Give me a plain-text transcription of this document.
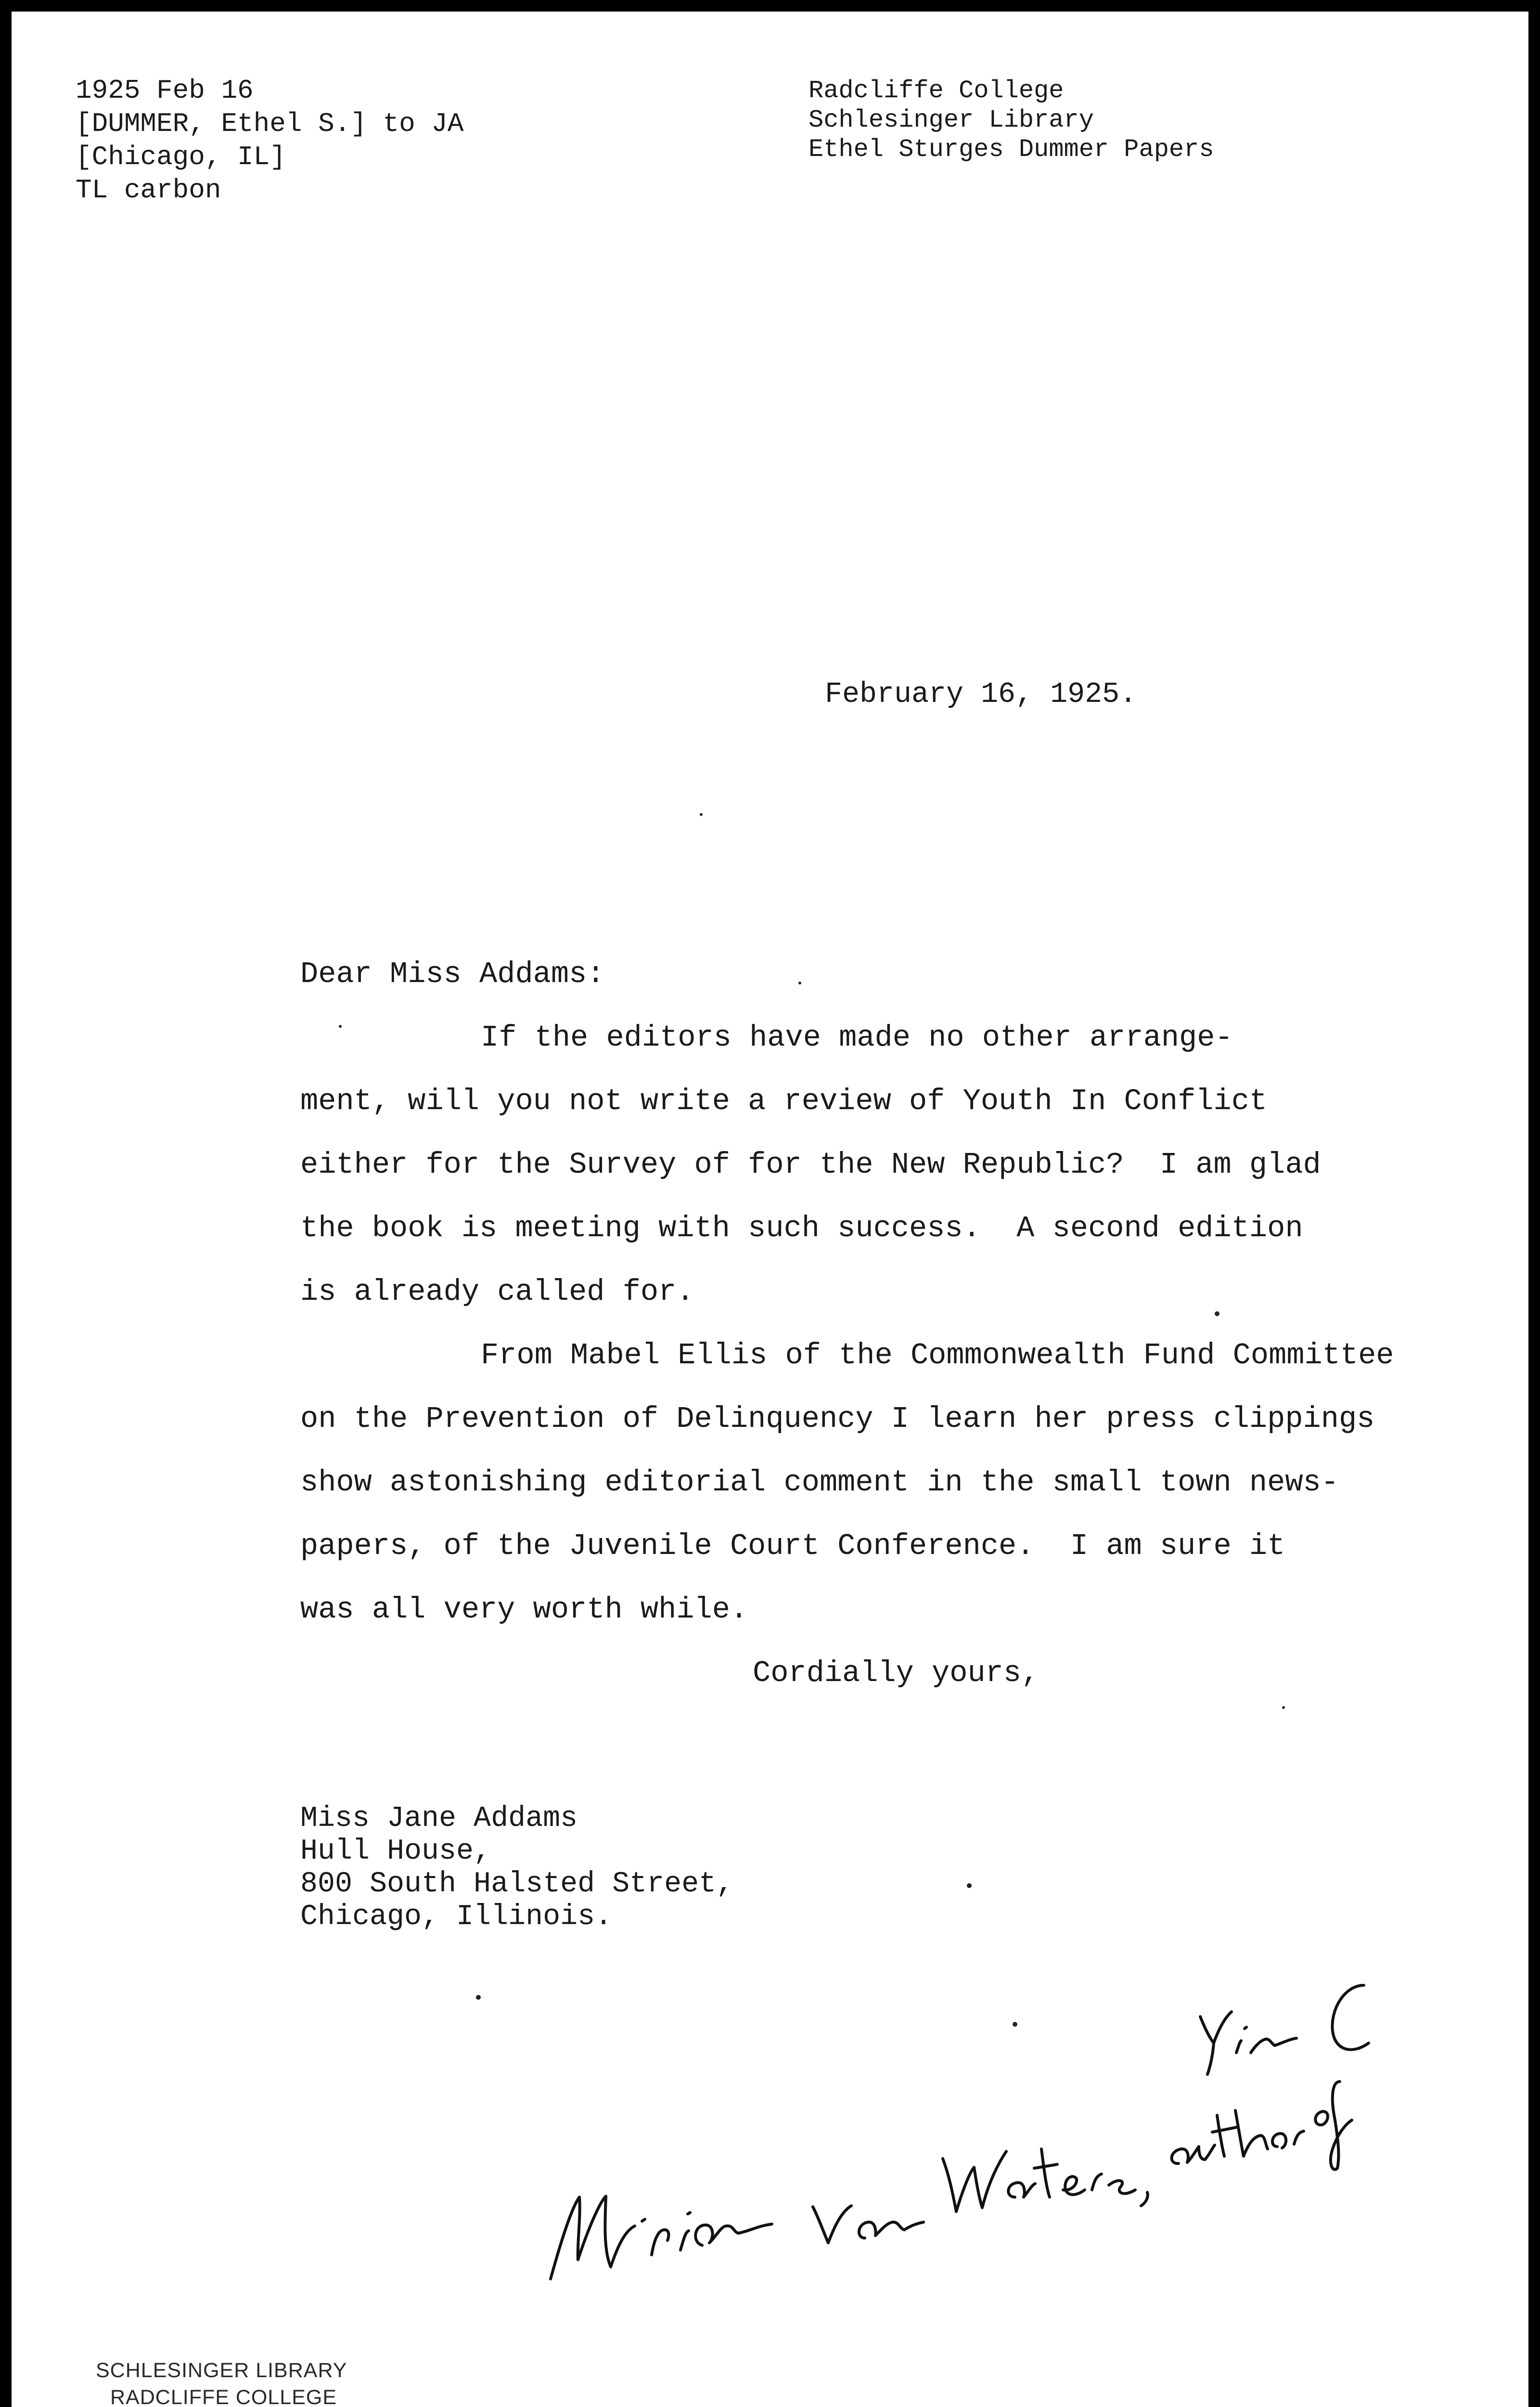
1925 Feb 16
[DUMMER, Ethel S.] to JA
[Chicago, IL]
TL carbon
Radcliffe College
Schlesinger Library
Ethel Sturges Dummer Papers
February 16, 1925.
Dear Miss Addams:
If the editors have made no other arrange-
ment, will you not write a review of Youth In Conflict
either for the Survey of for the New Republic?  I am glad
the book is meeting with such success.  A second edition
is already called for.
From Mabel Ellis of the Commonwealth Fund Committee
on the Prevention of Delinquency I learn her press clippings
show astonishing editorial comment in the small town news-
papers, of the Juvenile Court Conference.  I am sure it
was all very worth while.
Cordially yours,
Miss Jane Addams
Hull House,
800 South Halsted Street,
Chicago, Illinois.
SCHLESINGER LIBRARY
RADCLIFFE COLLEGE
